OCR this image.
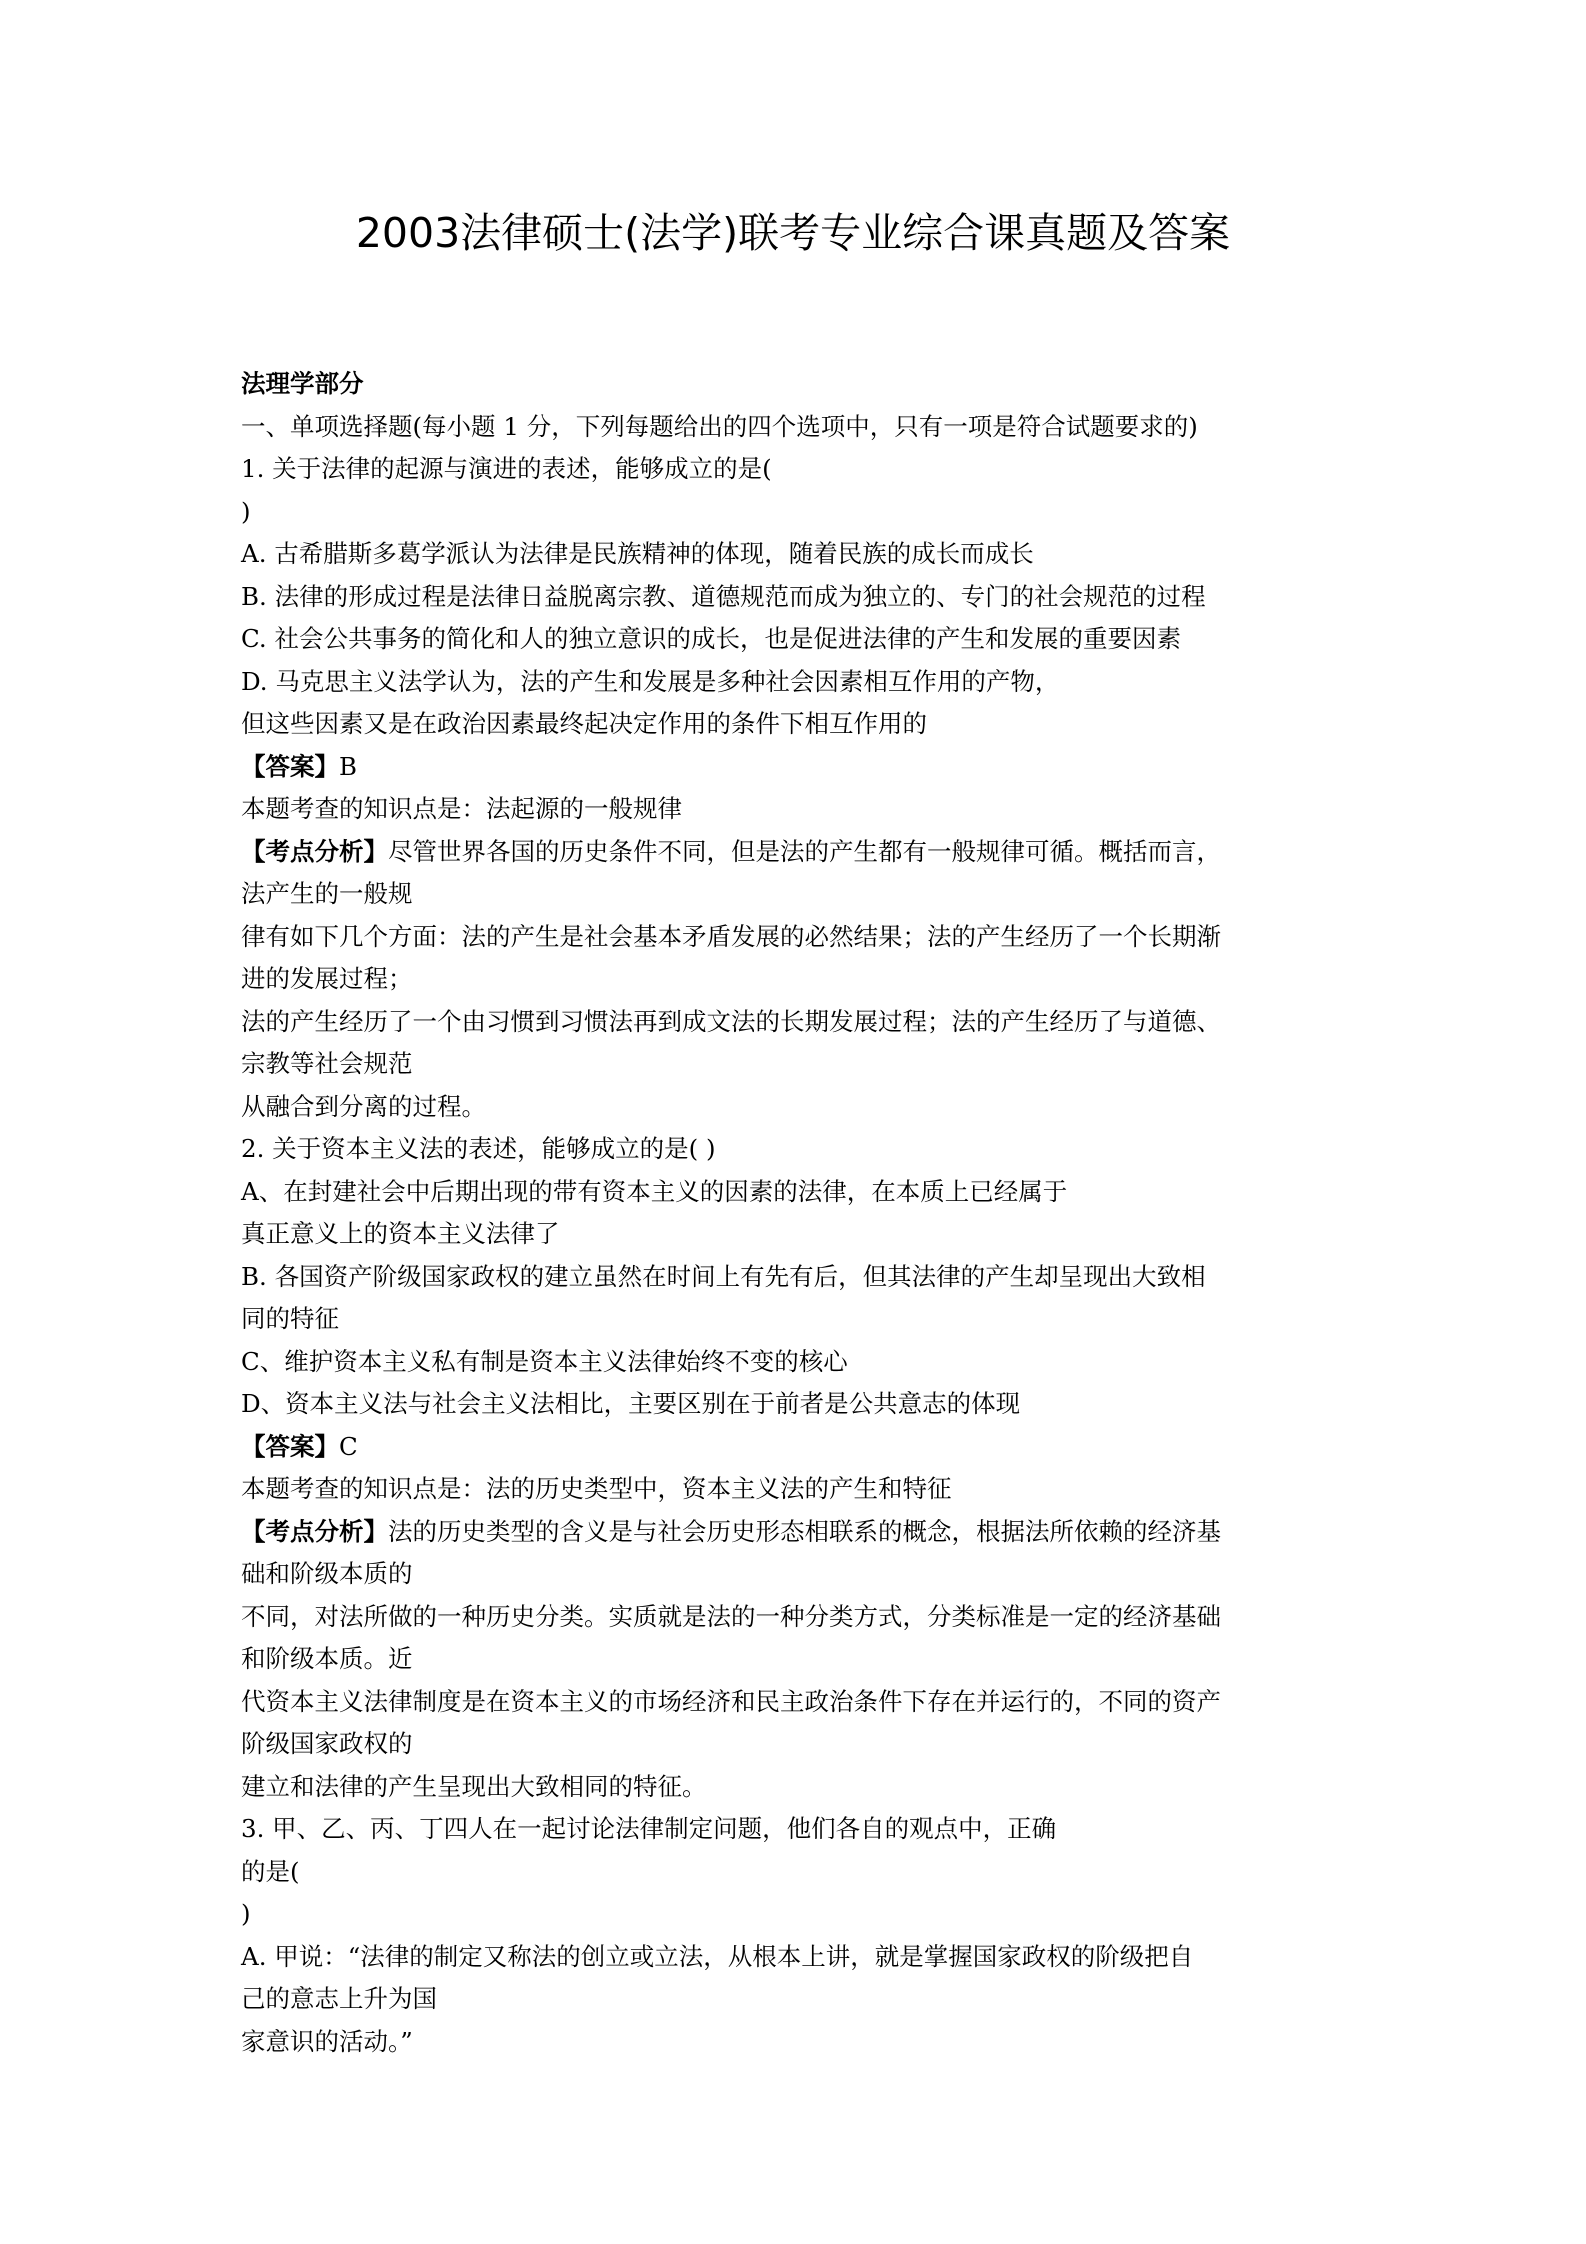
2003法律硕士(法学)联考专业综合课真题及答案
法理学部分
一、单项选择题(每小题 1 分，下列每题给出的四个选项中，只有一项是符合试题要求的)
1. 关于法律的起源与演进的表述，能够成立的是(
)
A. 古希腊斯多葛学派认为法律是民族精神的体现，随着民族的成长而成长
B. 法律的形成过程是法律日益脱离宗教、道德规范而成为独立的、专门的社会规范的过程
C. 社会公共事务的简化和人的独立意识的成长，也是促进法律的产生和发展的重要因素
D. 马克思主义法学认为，法的产生和发展是多种社会因素相互作用的产物，
但这些因素又是在政治因素最终起决定作用的条件下相互作用的
【答案】B
本题考查的知识点是：法起源的一般规律
【考点分析】尽管世界各国的历史条件不同，但是法的产生都有一般规律可循。概括而言，
法产生的一般规
律有如下几个方面：法的产生是社会基本矛盾发展的必然结果；法的产生经历了一个长期渐
进的发展过程；
法的产生经历了一个由习惯到习惯法再到成文法的长期发展过程；法的产生经历了与道德、
宗教等社会规范
从融合到分离的过程。
2. 关于资本主义法的表述，能够成立的是( )
A、在封建社会中后期出现的带有资本主义的因素的法律，在本质上已经属于
真正意义上的资本主义法律了
B. 各国资产阶级国家政权的建立虽然在时间上有先有后，但其法律的产生却呈现出大致相
同的特征
C、维护资本主义私有制是资本主义法律始终不变的核心
D、资本主义法与社会主义法相比，主要区别在于前者是公共意志的体现
【答案】C
本题考查的知识点是：法的历史类型中，资本主义法的产生和特征
【考点分析】法的历史类型的含义是与社会历史形态相联系的概念，根据法所依赖的经济基
础和阶级本质的
不同，对法所做的一种历史分类。实质就是法的一种分类方式，分类标准是一定的经济基础
和阶级本质。近
代资本主义法律制度是在资本主义的市场经济和民主政治条件下存在并运行的，不同的资产
阶级国家政权的
建立和法律的产生呈现出大致相同的特征。
3. 甲、乙、丙、丁四人在一起讨论法律制定问题，他们各自的观点中，正确
的是(
)
A. 甲说：“法律的制定又称法的创立或立法，从根本上讲，就是掌握国家政权的阶级把自
己的意志上升为国
家意识的活动。”
